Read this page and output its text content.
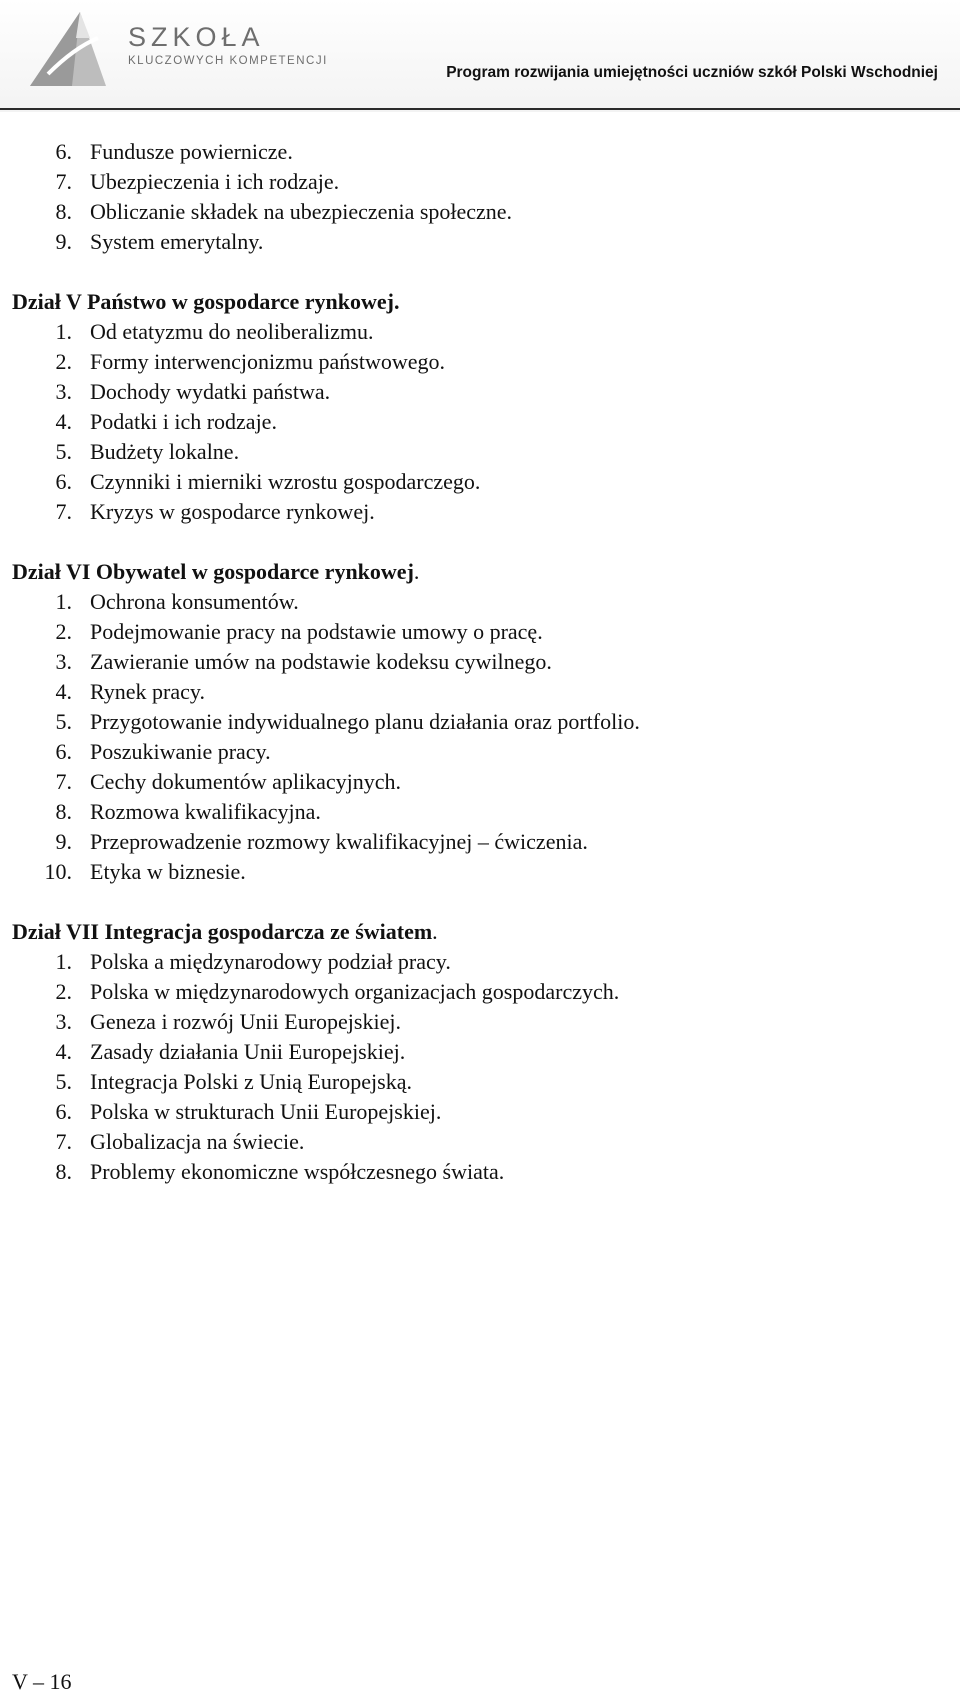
SZKOŁA
KLUCZOWYCH KOMPETENCJI
Program rozwijania umiejętności uczniów szkół Polski Wschodniej
6. Fundusze powiernicze.
7. Ubezpieczenia i ich rodzaje.
8. Obliczanie składek na ubezpieczenia społeczne.
9. System emerytalny.
Dział V Państwo w gospodarce rynkowej.
1. Od etatyzmu do neoliberalizmu.
2. Formy interwencjonizmu państwowego.
3. Dochody wydatki państwa.
4. Podatki i ich rodzaje.
5. Budżety lokalne.
6. Czynniki i mierniki wzrostu gospodarczego.
7. Kryzys w gospodarce rynkowej.
Dział VI Obywatel w gospodarce rynkowej.
1. Ochrona konsumentów.
2. Podejmowanie pracy na podstawie umowy o pracę.
3. Zawieranie umów na podstawie kodeksu cywilnego.
4. Rynek pracy.
5. Przygotowanie indywidualnego planu działania oraz portfolio.
6. Poszukiwanie pracy.
7. Cechy dokumentów aplikacyjnych.
8. Rozmowa kwalifikacyjna.
9. Przeprowadzenie rozmowy kwalifikacyjnej – ćwiczenia.
10. Etyka w biznesie.
Dział VII Integracja gospodarcza ze światem.
1. Polska a międzynarodowy podział pracy.
2. Polska w międzynarodowych organizacjach gospodarczych.
3. Geneza i rozwój Unii Europejskiej.
4. Zasady działania Unii Europejskiej.
5. Integracja Polski z Unią Europejską.
6. Polska w strukturach Unii Europejskiej.
7. Globalizacja na świecie.
8. Problemy ekonomiczne współczesnego świata.
V – 16
